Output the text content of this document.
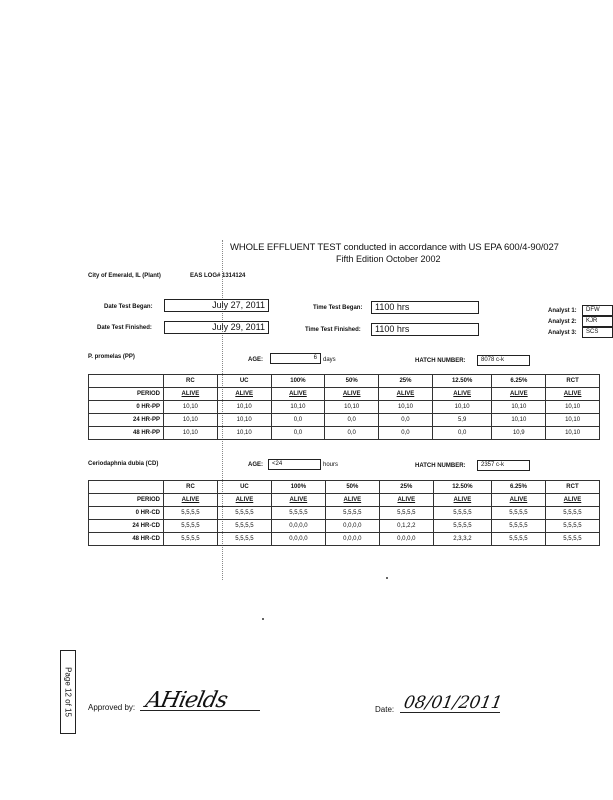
WHOLE EFFLUENT TEST conducted in accordance with US EPA 600/4-90/027
Fifth Edition October 2002
City of Emerald, IL (Plant)	EAS LOG# 1314124
Date Test Began:	July 27, 2011
Date Test Finished:	July 29, 2011
Time Test Began:	1100 hrs
Time Test Finished:	1100 hrs
Analyst 1:	DFW
Analyst 2:	KJR
Analyst 3:	SCS
P. promelas (PP)	AGE:	6	days	HATCH NUMBER:	8078 c-k
	RC	UC	100%	50%	25%	12.50%	6.25%	RCT
PERIOD	ALIVE	ALIVE	ALIVE	ALIVE	ALIVE	ALIVE	ALIVE	ALIVE
0 HR-PP	10,10	10,10	10,10	10,10	10,10	10,10	10,10	10,10
24 HR-PP	10,10	10,10	0,0	0,0	0,0	5,9	10,10	10,10
48 HR-PP	10,10	10,10	0,0	0,0	0,0	0,0	10,9	10,10
Ceriodaphnia dubia (CD)	AGE:	<24	hours	HATCH NUMBER:	2357 c-k
	RC	UC	100%	50%	25%	12.50%	6.25%	RCT
PERIOD	ALIVE	ALIVE	ALIVE	ALIVE	ALIVE	ALIVE	ALIVE	ALIVE
0 HR-CD	5,5,5,5	5,5,5,5	5,5,5,5	5,5,5,5	5,5,5,5	5,5,5,5	5,5,5,5	5,5,5,5
24 HR-CD	5,5,5,5	5,5,5,5	0,0,0,0	0,0,0,0	0,1,2,2	5,5,5,5	5,5,5,5	5,5,5,5
48 HR-CD	5,5,5,5	5,5,5,5	0,0,0,0	0,0,0,0	0,0,0,0	2,3,3,2	5,5,5,5	5,5,5,5
Page 12 of 15 Approved by: AHields	Date: 08/01/2011
